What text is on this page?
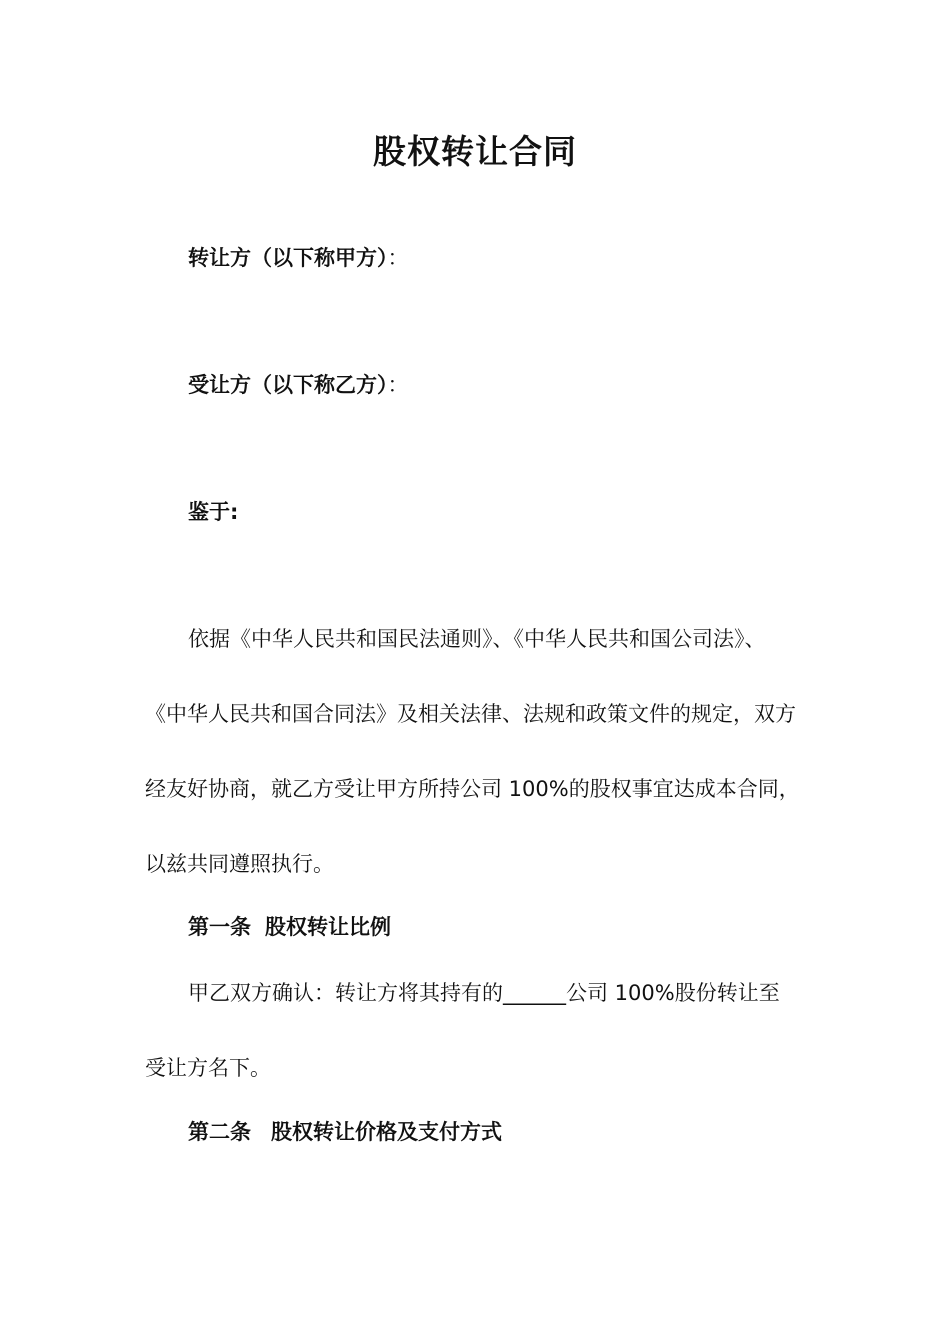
股权转让合同
转让方（以下称甲方）：
受让方（以下称乙方）：
鉴于:
依据《中华人民共和国民法通则》、《中华人民共和国公司法》、
《中华人民共和国合同法》及相关法律、法规和政策文件的规定，双方
经友好协商，就乙方受让甲方所持公司 100%的股权事宜达成本合同，
以兹共同遵照执行。
第一条 股权转让比例
甲乙双方确认：转让方将其持有的______公司 100%股份转让至
受让方名下。
第二条 股权转让价格及支付方式
